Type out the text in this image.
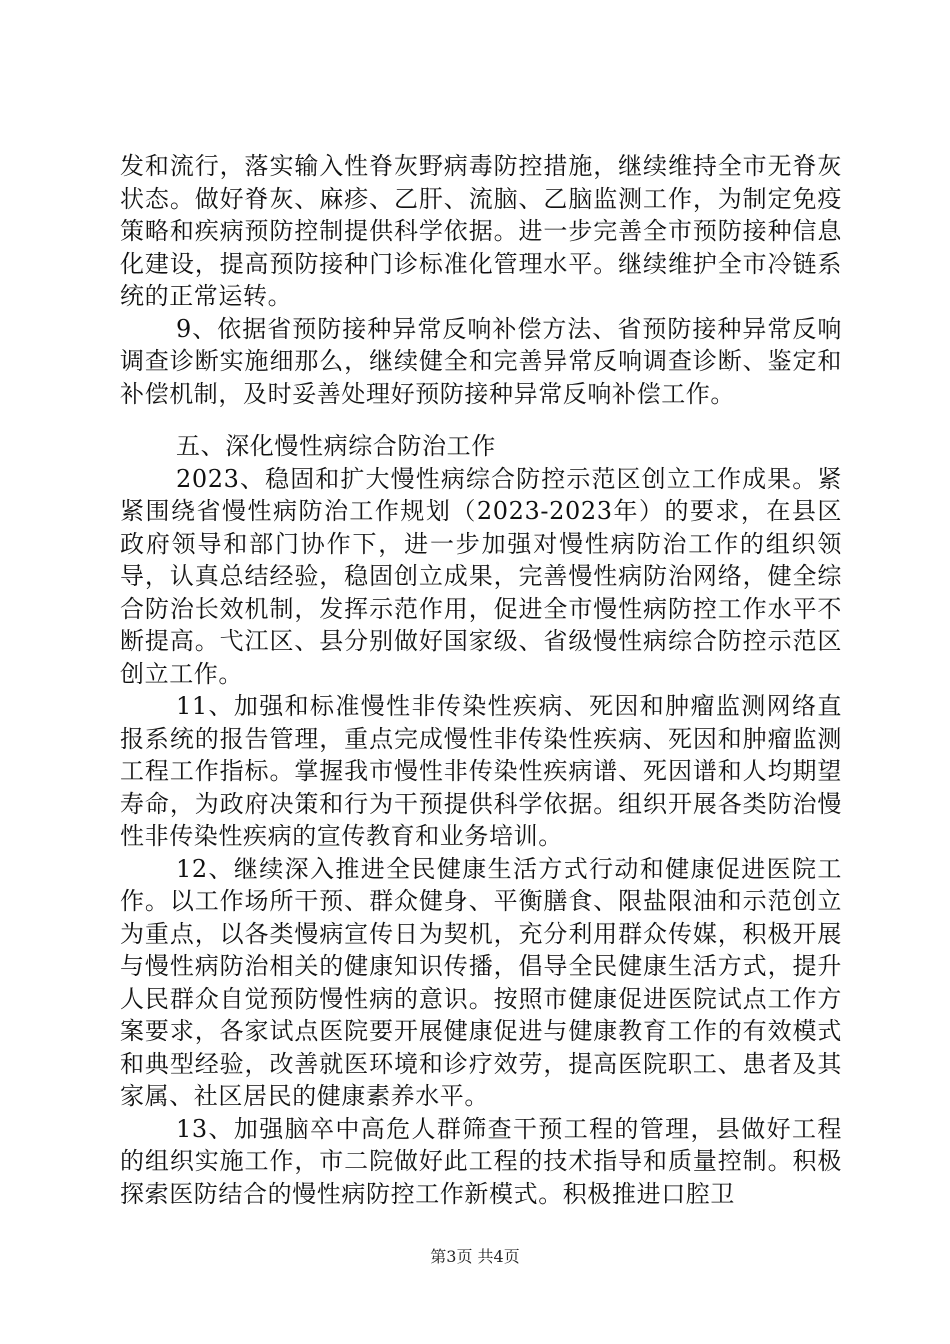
发和流行，落实输入性脊灰野病毒防控措施，继续维持全市无脊灰状态。做好脊灰、麻疹、乙肝、流脑、乙脑监测工作，为制定免疫策略和疾病预防控制提供科学依据。进一步完善全市预防接种信息化建设，提高预防接种门诊标准化管理水平。继续维护全市冷链系统的正常运转。

9、依据省预防接种异常反响补偿方法、省预防接种异常反响调查诊断实施细那么，继续健全和完善异常反响调查诊断、鉴定和补偿机制，及时妥善处理好预防接种异常反响补偿工作。

五、深化慢性病综合防治工作

2023、稳固和扩大慢性病综合防控示范区创立工作成果。紧紧围绕省慢性病防治工作规划（2023-2023年）的要求，在县区政府领导和部门协作下，进一步加强对慢性病防治工作的组织领导，认真总结经验，稳固创立成果，完善慢性病防治网络，健全综合防治长效机制，发挥示范作用，促进全市慢性病防控工作水平不断提高。弋江区、县分别做好国家级、省级慢性病综合防控示范区创立工作。

11、加强和标准慢性非传染性疾病、死因和肿瘤监测网络直报系统的报告管理，重点完成慢性非传染性疾病、死因和肿瘤监测工程工作指标。掌握我市慢性非传染性疾病谱、死因谱和人均期望寿命，为政府决策和行为干预提供科学依据。组织开展各类防治慢性非传染性疾病的宣传教育和业务培训。

12、继续深入推进全民健康生活方式行动和健康促进医院工作。以工作场所干预、群众健身、平衡膳食、限盐限油和示范创立为重点，以各类慢病宣传日为契机，充分利用群众传媒，积极开展与慢性病防治相关的健康知识传播，倡导全民健康生活方式，提升人民群众自觉预防慢性病的意识。按照市健康促进医院试点工作方案要求，各家试点医院要开展健康促进与健康教育工作的有效模式和典型经验，改善就医环境和诊疗效劳，提高医院职工、患者及其家属、社区居民的健康素养水平。

13、加强脑卒中高危人群筛查干预工程的管理，县做好工程的组织实施工作，市二院做好此工程的技术指导和质量控制。积极探索医防结合的慢性病防控工作新模式。积极推进口腔卫

第3页 共4页
